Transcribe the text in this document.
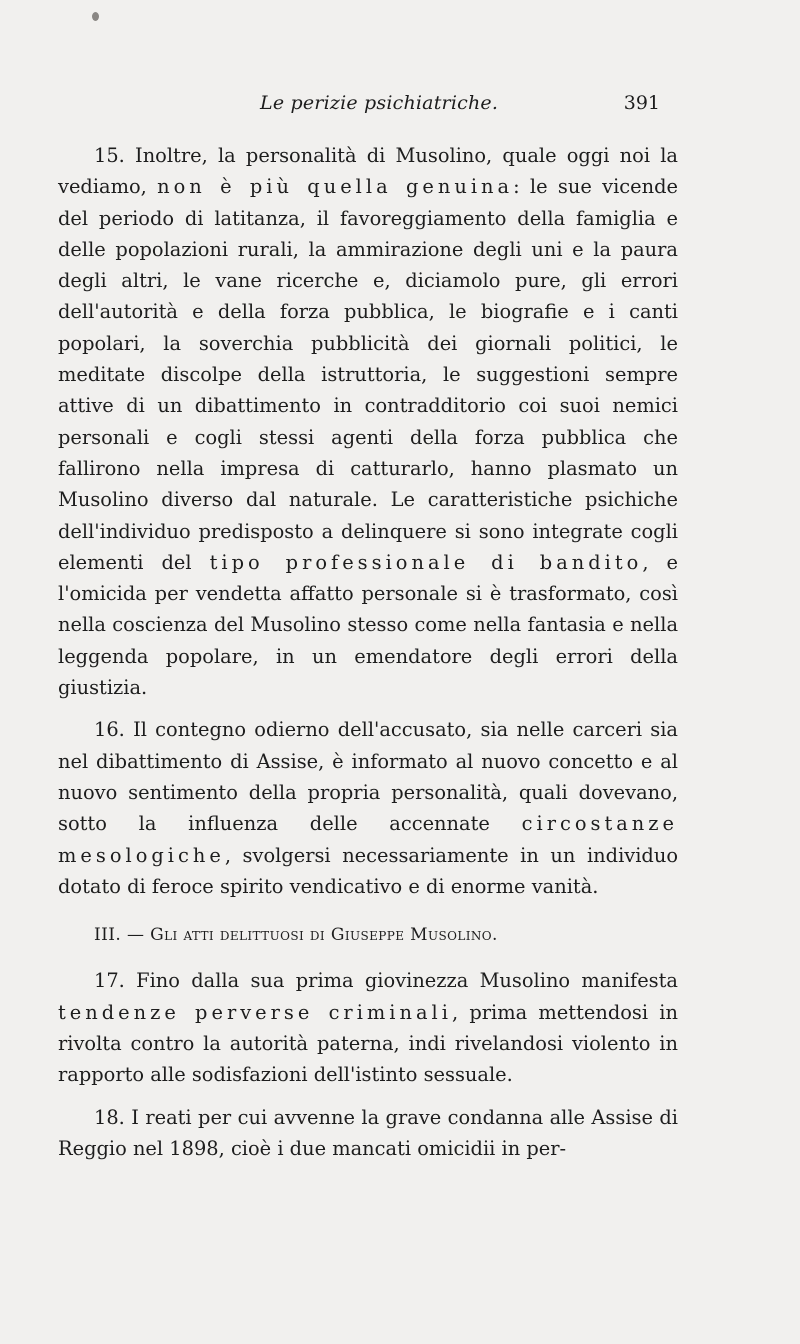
Le perizie psichiatriche.	391

15. Inoltre, la personalità di Musolino, quale oggi noi la vediamo, non è più quella genuina: le sue vicende del periodo di latitanza, il favoreggiamento della famiglia e delle popolazioni rurali, la ammirazione degli uni e la paura degli altri, le vane ricerche e, diciamolo pure, gli errori dell'autorità e della forza pubblica, le biografie e i canti popolari, la soverchia pubblicità dei giornali politici, le meditate discolpe della istruttoria, le suggestioni sempre attive di un dibattimento in contradditorio coi suoi nemici personali e cogli stessi agenti della forza pubblica che fallirono nella impresa di catturarlo, hanno plasmato un Musolino diverso dal naturale. Le caratteristiche psichiche dell'individuo predisposto a delinquere si sono integrate cogli elementi del tipo professionale di bandito, e l'omicida per vendetta affatto personale si è trasformato, così nella coscienza del Musolino stesso come nella fantasia e nella leggenda popolare, in un emendatore degli errori della giustizia.

16. Il contegno odierno dell'accusato, sia nelle carceri sia nel dibattimento di Assise, è informato al nuovo concetto e al nuovo sentimento della propria personalità, quali dovevano, sotto la influenza delle accennate circostanze mesologiche, svolgersi necessariamente in un individuo dotato di feroce spirito vendicativo e di enorme vanità.

III. — Gli atti delittuosi di Giuseppe Musolino.

17. Fino dalla sua prima giovinezza Musolino manifesta tendenze perverse criminali, prima mettendosi in rivolta contro la autorità paterna, indi rivelandosi violento in rapporto alle sodisfazioni dell'istinto sessuale.

18. I reati per cui avvenne la grave condanna alle Assise di Reggio nel 1898, cioè i due mancati omicidii in per-
